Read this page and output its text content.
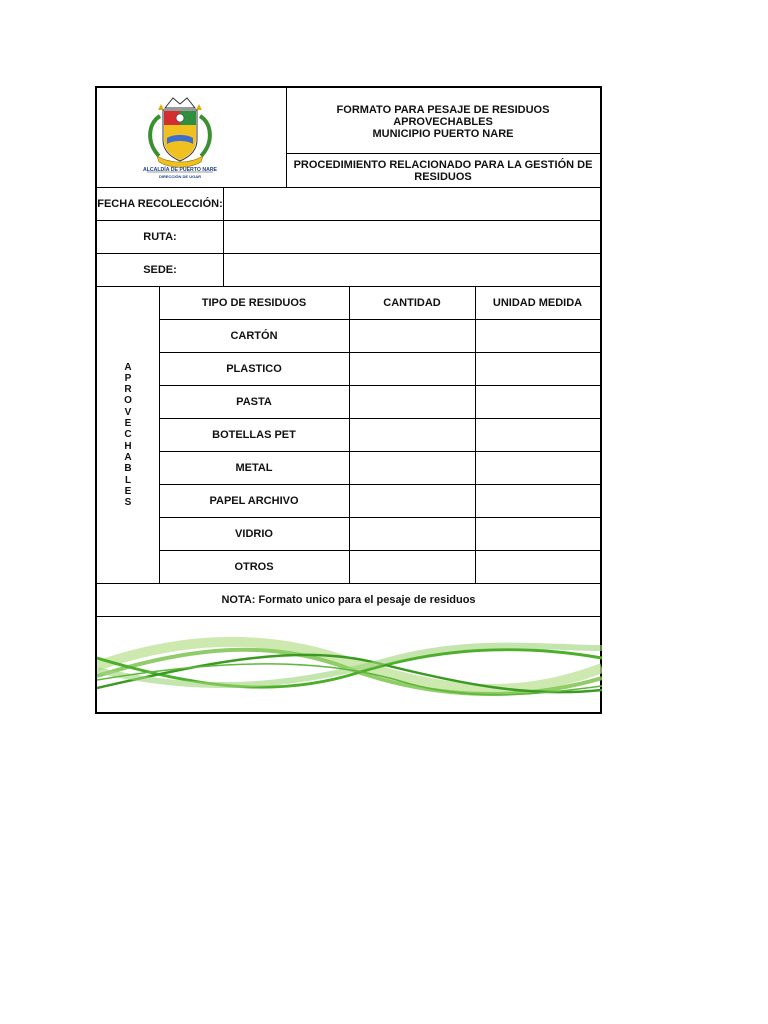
ALCALDÍA DE PUERTO NARE
DIRECCIÓN DE UGAR
FORMATO PARA PESAJE DE RESIDUOS APROVECHABLES
MUNICIPIO PUERTO NARE
PROCEDIMIENTO RELACIONADO PARA LA GESTIÓN DE RESIDUOS
FECHA RECOLECCIÓN:
RUTA:
SEDE:
A
P
R
O
V
E
C
H
A
B
L
E
S
TIPO DE RESIDUOS	CANTIDAD	UNIDAD MEDIDA
CARTÓN
PLASTICO
PASTA
BOTELLAS PET
METAL
PAPEL ARCHIVO
VIDRIO
OTROS
NOTA: Formato unico para el pesaje de residuos
